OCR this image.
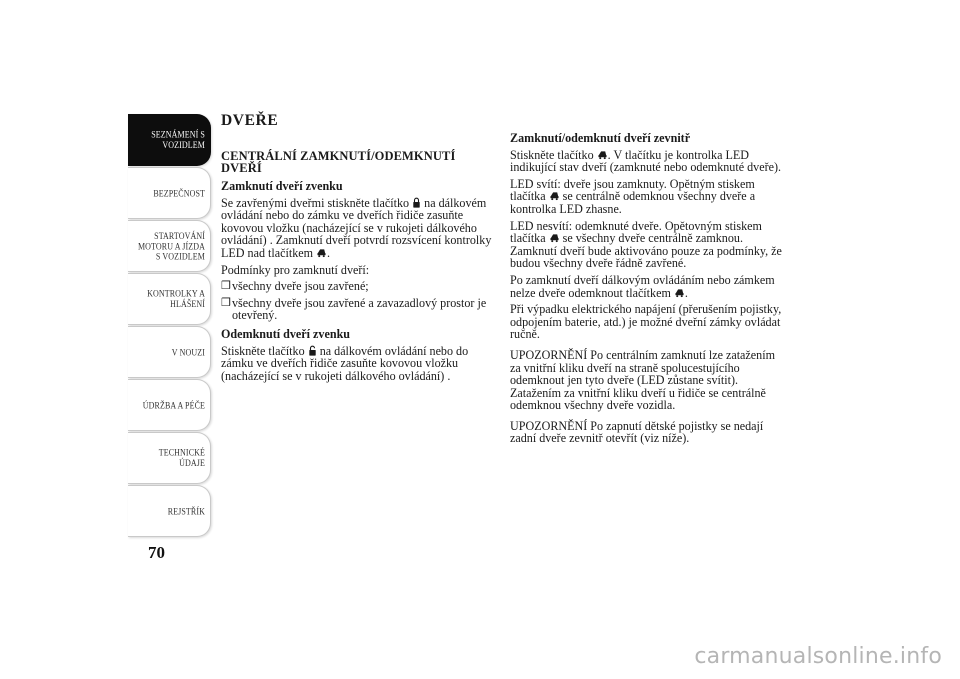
SEZNÁMENÍ S
VOZIDLEM
BEZPEČNOST
STARTOVÁNÍ
MOTORU A JÍZDA
S VOZIDLEM
KONTROLKY A
HLÁŠENÍ
V NOUZI
ÚDRŽBA A PÉČE
TECHNICKÉ
ÚDAJE
REJSTŘÍK
70
DVEŘE
CENTRÁLNÍ ZAMKNUTÍ/ODEMKNUTÍ DVEŘÍ
Zamknutí dveří zvenku

Se zavřenými dveřmi stiskněte tlačítko na dálkovém ovládání nebo do zámku ve dveřích řidiče zasuňte kovovou vložku (nacházející se v rukojeti dálkového ovládání) . Zamknutí dveří potvrdí rozsvícení kontrolky LED nad tlačítkem .

Podmínky pro zamknutí dveří:

❒ všechny dveře jsou zavřené;
❒ všechny dveře jsou zavřené a zavazadlový prostor je otevřený.
Odemknutí dveří zvenku

Stiskněte tlačítko na dálkovém ovládání nebo do zámku ve dveřích řidiče zasuňte kovovou vložku (nacházející se v rukojeti dálkového ovládání) .

Zamknutí/odemknutí dveří zevnitř

Stiskněte tlačítko . V tlačítku je kontrolka LED indikující stav dveří (zamknuté nebo odemknuté dveře).

LED svítí: dveře jsou zamknuty. Opětným stiskem tlačítka se centrálně odemknou všechny dveře a kontrolka LED zhasne.

LED nesvítí: odemknuté dveře. Opětovným stiskem tlačítka se všechny dveře centrálně zamknou. Zamknutí dveří bude aktivováno pouze za podmínky, že budou všechny dveře řádně zavřené.

Po zamknutí dveří dálkovým ovládáním nebo zámkem nelze dveře odemknout tlačítkem .

Při výpadku elektrického napájení (přerušením pojistky, odpojením baterie, atd.) je možné dveřní zámky ovládat ručně.

UPOZORNĚNÍ Po centrálním zamknutí lze zatažením za vnitřní kliku dveří na straně spolucestujícího odemknout jen tyto dveře (LED zůstane svítit). Zatažením za vnitřní kliku dveří u řidiče se centrálně odemknou všechny dveře vozidla.

UPOZORNĚNÍ Po zapnutí dětské pojistky se nedají zadní dveře zevnitř otevřít (viz níže).

carmanualsonline.info
